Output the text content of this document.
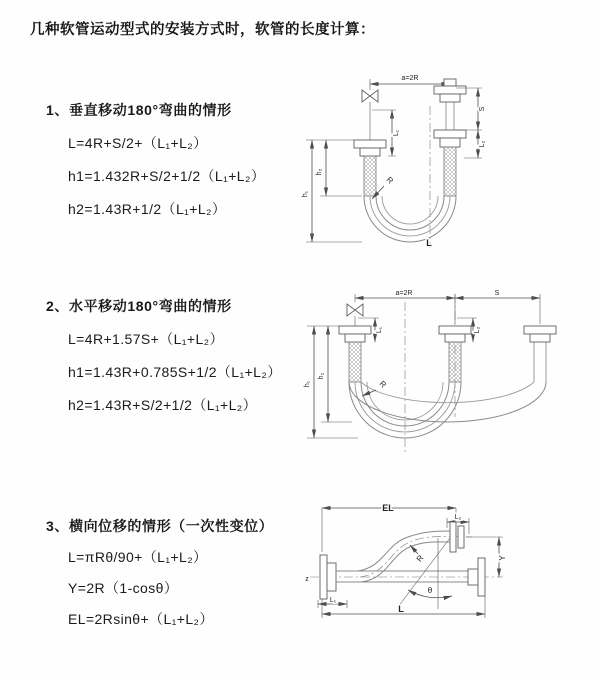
几种软管运动型式的安装方式时，软管的长度计算：
1、垂直移动180°弯曲的情形
L=4R+S/2+（L₁+L₂）
h1=1.432R+S/2+1/2（L₁+L₂）
h2=1.43R+1/2（L₁+L₂）
2、水平移动180°弯曲的情形
L=4R+1.57S+（L₁+L₂）
h1=1.43R+0.785S+1/2（L₁+L₂）
h2=1.43R+S/2+1/2（L₁+L₂）
3、横向位移的情形（一次性变位）
L=πRθ/90+（L₁+L₂）
Y=2R（1-cosθ）
EL=2Rsinθ+（L₁+L₂）
a=2R
L₁
S
L₂
h₁
h₂
R
L
a=2R	S
L₁	L₂
h₁
h₂
R
z
EL
L₂
θ
R	Y
L₁
L
